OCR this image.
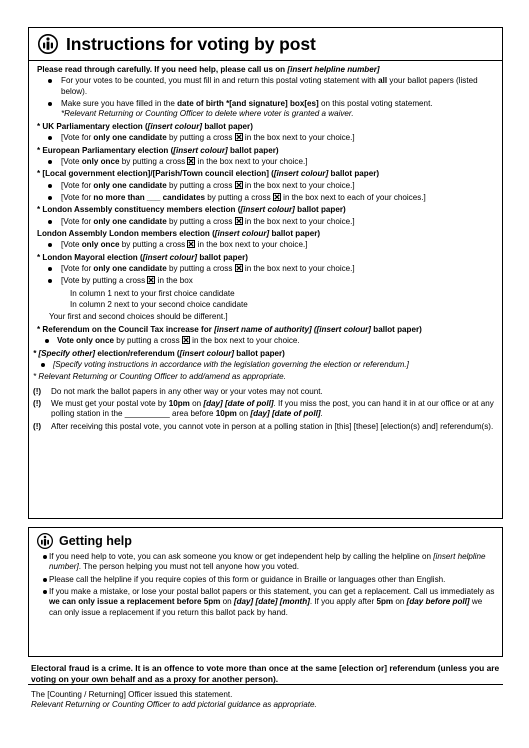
Instructions for voting by post
Please read through carefully. If you need help, please call us on [insert helpline number]
For your votes to be counted, you must fill in and return this postal voting statement with all your ballot papers (listed below).
Make sure you have filled in the date of birth *[and signature] box[es] on this postal voting statement.
*Relevant Returning or Counting Officer to delete where voter is granted a waiver.
* UK Parliamentary election ([insert colour] ballot paper)
[Vote for only one candidate by putting a cross  in the box next to your choice.]
* European Parliamentary election ([insert colour] ballot paper)
[Vote only once by putting a cross  in the box next to your choice.]
* [Local government election]/[Parish/Town council election] ([insert colour] ballot paper)
[Vote for only one candidate by putting a cross  in the box next to your choice.]
[Vote for no more than ___ candidates by putting a cross  in the box next to each of your choices.]
* London Assembly constituency members election ([insert colour] ballot paper)
[Vote for only one candidate by putting a cross  in the box next to your choice.]
London Assembly London members election ([insert colour] ballot paper)
[Vote only once by putting a cross  in the box next to your choice.]
* London Mayoral election ([insert colour] ballot paper)
[Vote for only one candidate by putting a cross  in the box next to your choice.]
[Vote by putting a cross  in the box
In column 1 next to your first choice candidate
In column 2 next to your second choice candidate
Your first and second choices should be different.]
* Referendum on the Council Tax increase for [insert name of authority] ([insert colour] ballot paper)
Vote only once by putting a cross  in the box next to your choice.
* [Specify other] election/referendum ([insert colour] ballot paper)
[Specify voting instructions in accordance with the legislation governing the election or referendum.]
* Relevant Returning or Counting Officer to add/amend as appropriate.
(!) Do not mark the ballot papers in any other way or your votes may not count.
(!) We must get your postal vote by 10pm on [day] [date of poll]. If you miss the post, you can hand it in at our office or at any polling station in the __________ area before 10pm on [day] [date of poll].
(!) After receiving this postal vote, you cannot vote in person at a polling station in [this] [these] [election(s) and] referendum(s).
Getting help
If you need help to vote, you can ask someone you know or get independent help by calling the helpline on [insert helpline number]. The person helping you must not tell anyone how you voted.
Please call the helpline if you require copies of this form or guidance in Braille or languages other than English.
If you make a mistake, or lose your postal ballot papers or this statement, you can get a replacement. Call us immediately as we can only issue a replacement before 5pm on [day] [date] [month]. If you apply after 5pm on [day before poll] we can only issue a replacement if you return this ballot pack by hand.
Electoral fraud is a crime. It is an offence to vote more than once at the same [election or] referendum (unless you are voting on your own behalf and as a proxy for another person).
The [Counting / Returning] Officer issued this statement.
Relevant Returning or Counting Officer to add pictorial guidance as appropriate.
